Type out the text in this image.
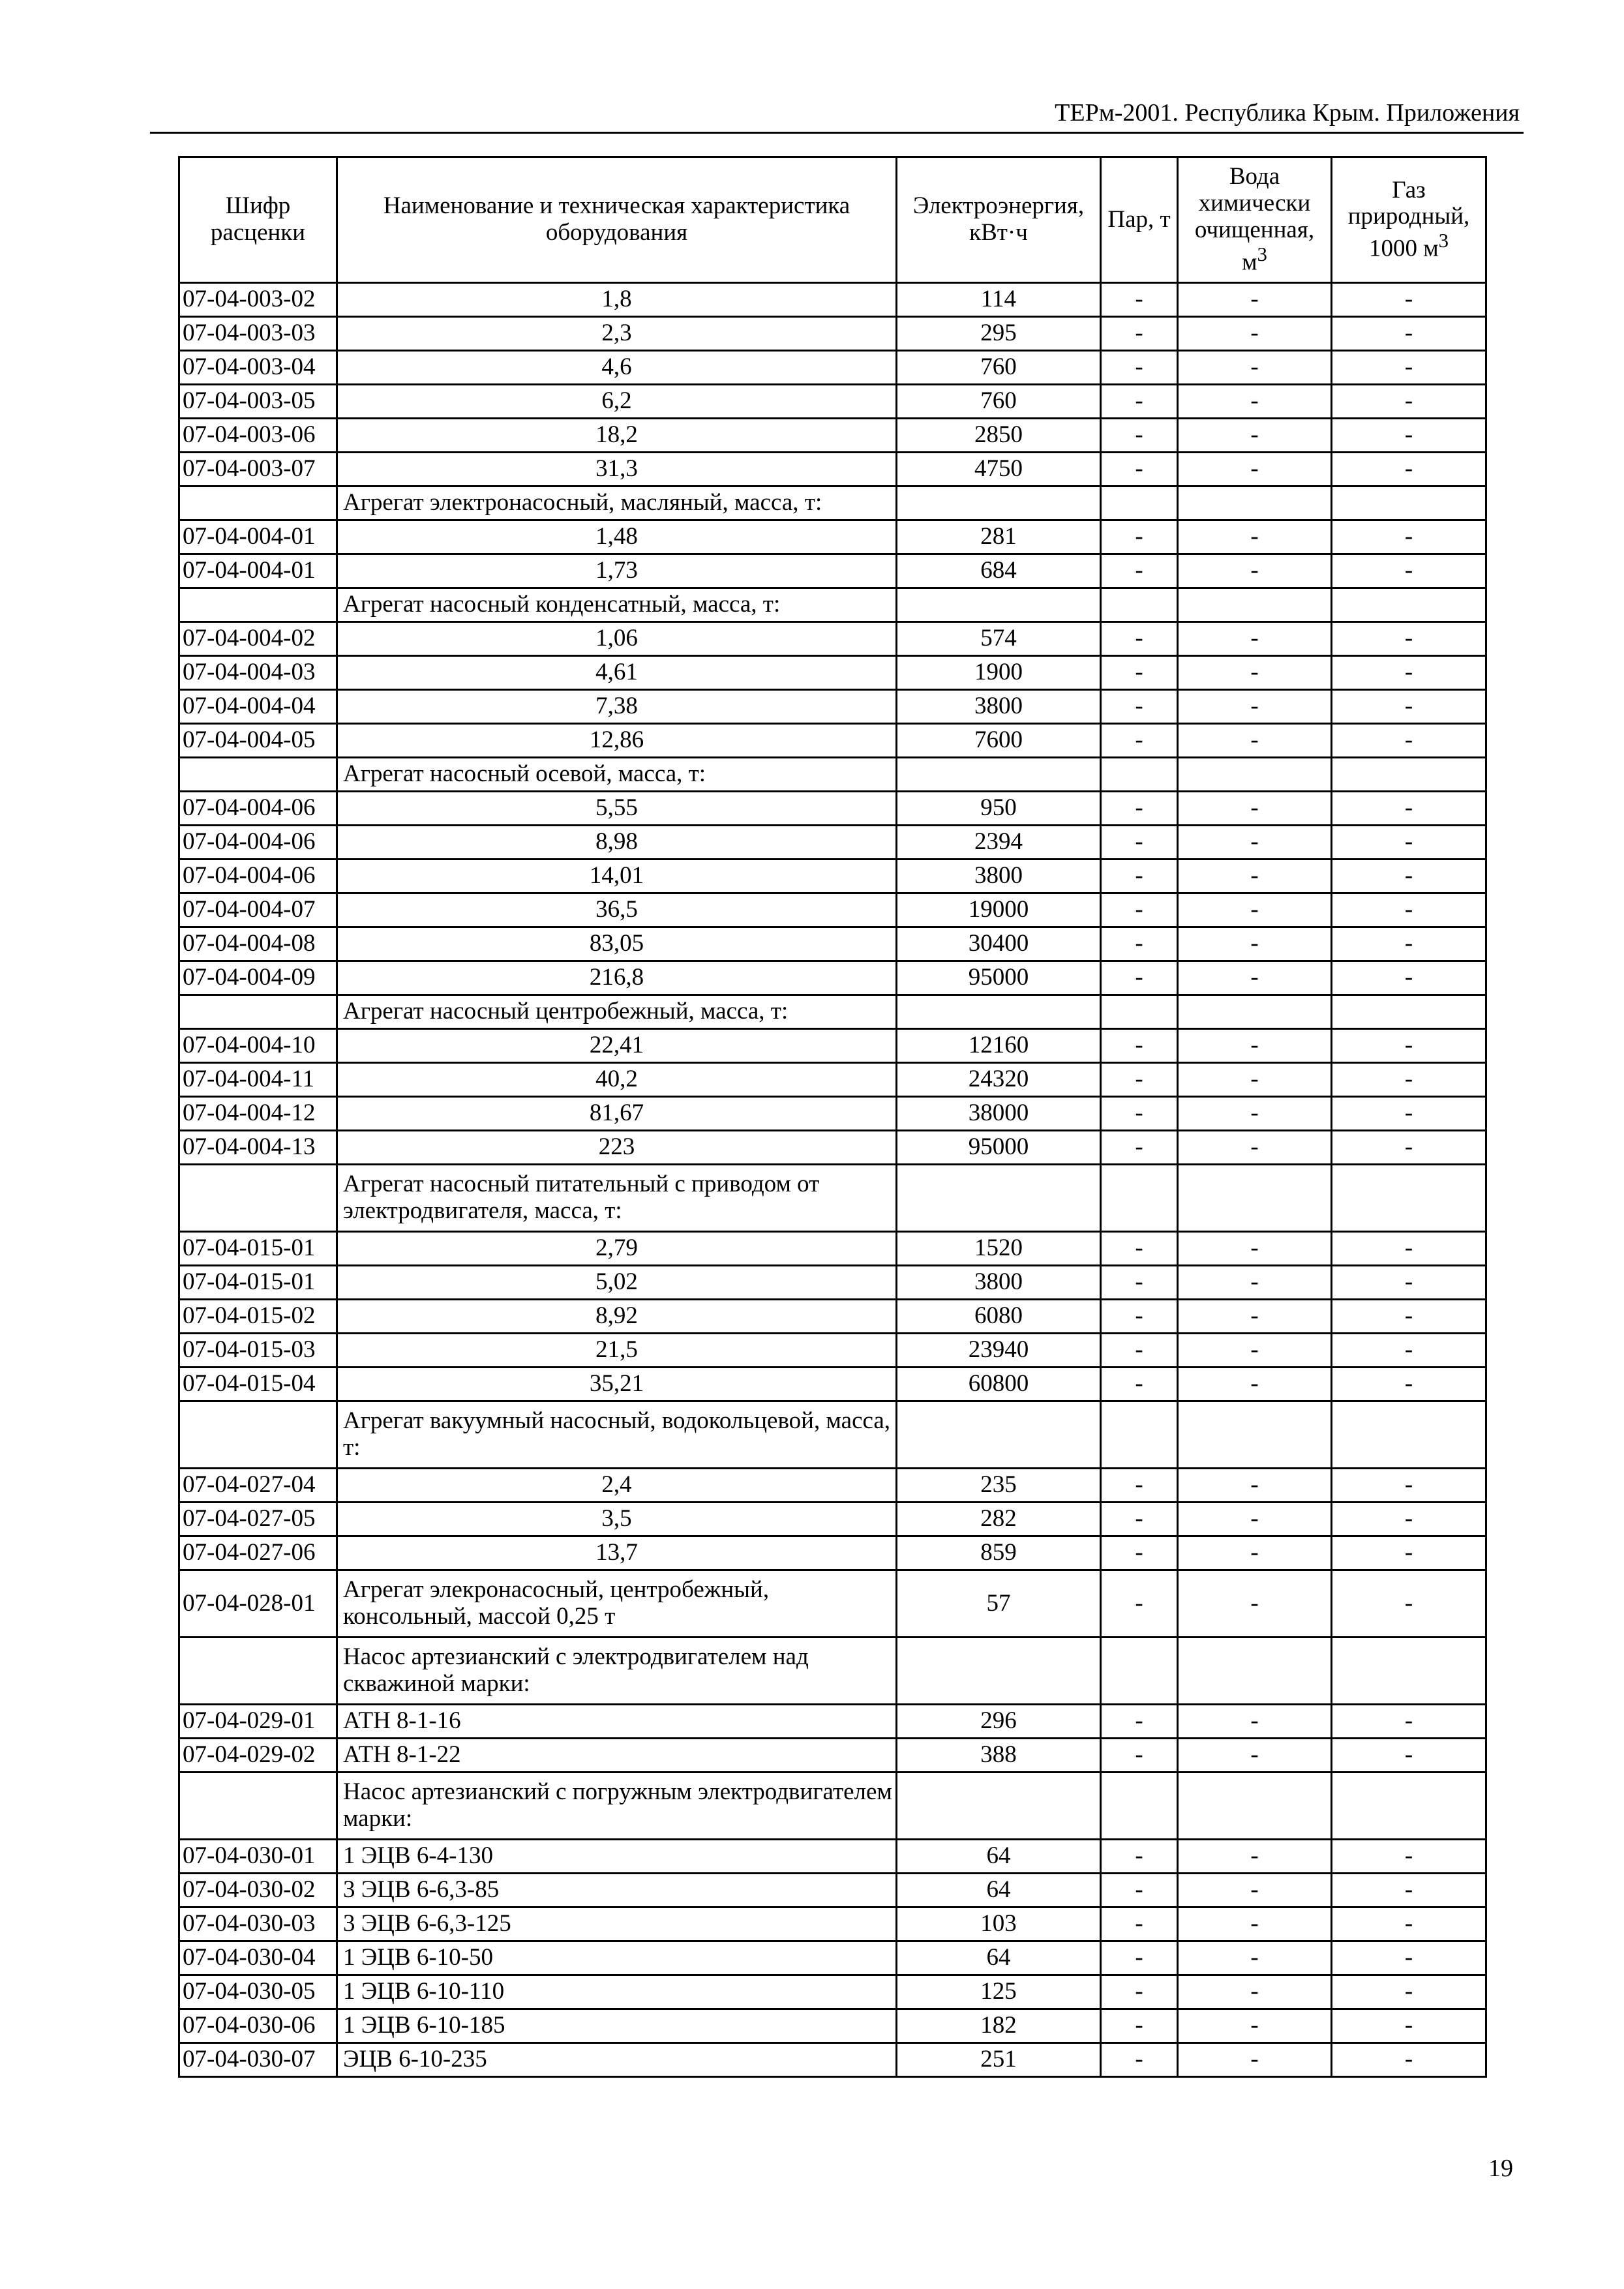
ТЕРм-2001. Республика Крым. Приложения
Шифр расценки	Наименование и техническая характеристика оборудования	Электроэнергия, кВт·ч	Пар, т	Вода химически очищенная, $м^3$	Газ природный, 1000 $м^3$
07-04-003-02	1,8	114	-	-	-
07-04-003-03	2,3	295	-	-	-
07-04-003-04	4,6	760	-	-	-
07-04-003-05	6,2	760	-	-	-
07-04-003-06	18,2	2850	-	-	-
07-04-003-07	31,3	4750	-	-	-
	Агрегат электронасосный, масляный, масса, т:				
07-04-004-01	1,48	281	-	-	-
07-04-004-01	1,73	684	-	-	-
	Агрегат насосный конденсатный, масса, т:				
07-04-004-02	1,06	574	-	-	-
07-04-004-03	4,61	1900	-	-	-
07-04-004-04	7,38	3800	-	-	-
07-04-004-05	12,86	7600	-	-	-
	Агрегат насосный осевой, масса, т:				
07-04-004-06	5,55	950	-	-	-
07-04-004-06	8,98	2394	-	-	-
07-04-004-06	14,01	3800	-	-	-
07-04-004-07	36,5	19000	-	-	-
07-04-004-08	83,05	30400	-	-	-
07-04-004-09	216,8	95000	-	-	-
	Агрегат насосный центробежный, масса, т:				
07-04-004-10	22,41	12160	-	-	-
07-04-004-11	40,2	24320	-	-	-
07-04-004-12	81,67	38000	-	-	-
07-04-004-13	223	95000	-	-	-
	Агрегат насосный питательный с приводом от электродвигателя, масса, т:				
07-04-015-01	2,79	1520	-	-	-
07-04-015-01	5,02	3800	-	-	-
07-04-015-02	8,92	6080	-	-	-
07-04-015-03	21,5	23940	-	-	-
07-04-015-04	35,21	60800	-	-	-
	Агрегат вакуумный насосный, водокольцевой, масса, т:				
07-04-027-04	2,4	235	-	-	-
07-04-027-05	3,5	282	-	-	-
07-04-027-06	13,7	859	-	-	-
07-04-028-01	Агрегат элекронасосный, центробежный, консольный, массой 0,25 т	57	-	-	-
	Насос артезианский с электродвигателем над скважиной марки:				
07-04-029-01	АТН 8-1-16	296	-	-	-
07-04-029-02	АТН 8-1-22	388	-	-	-
	Насос артезианский с погружным электродвигателем марки:				
07-04-030-01	1 ЭЦВ 6-4-130	64	-	-	-
07-04-030-02	3 ЭЦВ 6-6,3-85	64	-	-	-
07-04-030-03	3 ЭЦВ 6-6,3-125	103	-	-	-
07-04-030-04	1 ЭЦВ 6-10-50	64	-	-	-
07-04-030-05	1 ЭЦВ 6-10-110	125	-	-	-
07-04-030-06	1 ЭЦВ 6-10-185	182	-	-	-
07-04-030-07	ЭЦВ 6-10-235	251	-	-	-
19
